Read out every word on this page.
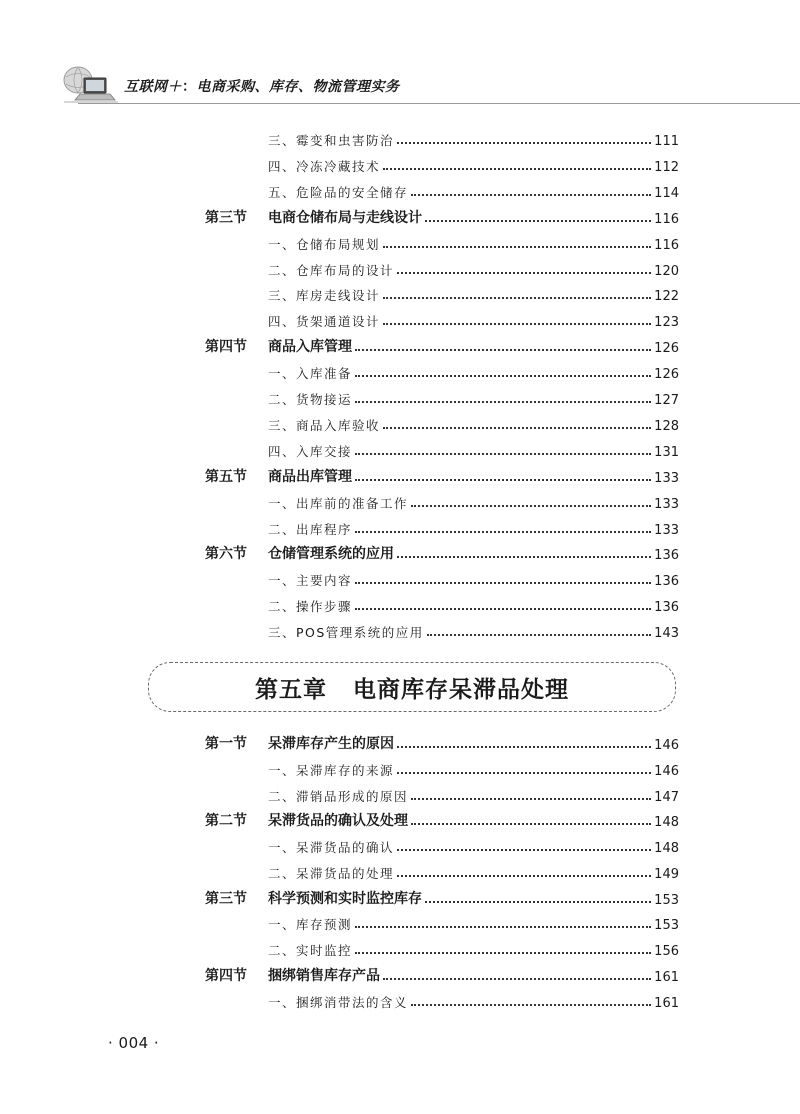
互联网＋：电商采购、库存、物流管理实务
三、霉变和虫害防治	111
四、冷冻冷藏技术	112
五、危险品的安全储存	114
第三节	电商仓储布局与走线设计	116
一、仓储布局规划	116
二、仓库布局的设计	120
三、库房走线设计	122
四、货架通道设计	123
第四节	商品入库管理	126
一、入库准备	126
二、货物接运	127
三、商品入库验收	128
四、入库交接	131
第五节	商品出库管理	133
一、出库前的准备工作	133
二、出库程序	133
第六节	仓储管理系统的应用	136
一、主要内容	136
二、操作步骤	136
三、POS管理系统的应用	143
第一节	呆滞库存产生的原因	146
一、呆滞库存的来源	146
二、滞销品形成的原因	147
第二节	呆滞货品的确认及处理	148
一、呆滞货品的确认	148
二、呆滞货品的处理	149
第三节	科学预测和实时监控库存	153
一、库存预测	153
二、实时监控	156
第四节	捆绑销售库存产品	161
一、捆绑消带法的含义	161
第五章 电商库存呆滞品处理
· 004 ·
